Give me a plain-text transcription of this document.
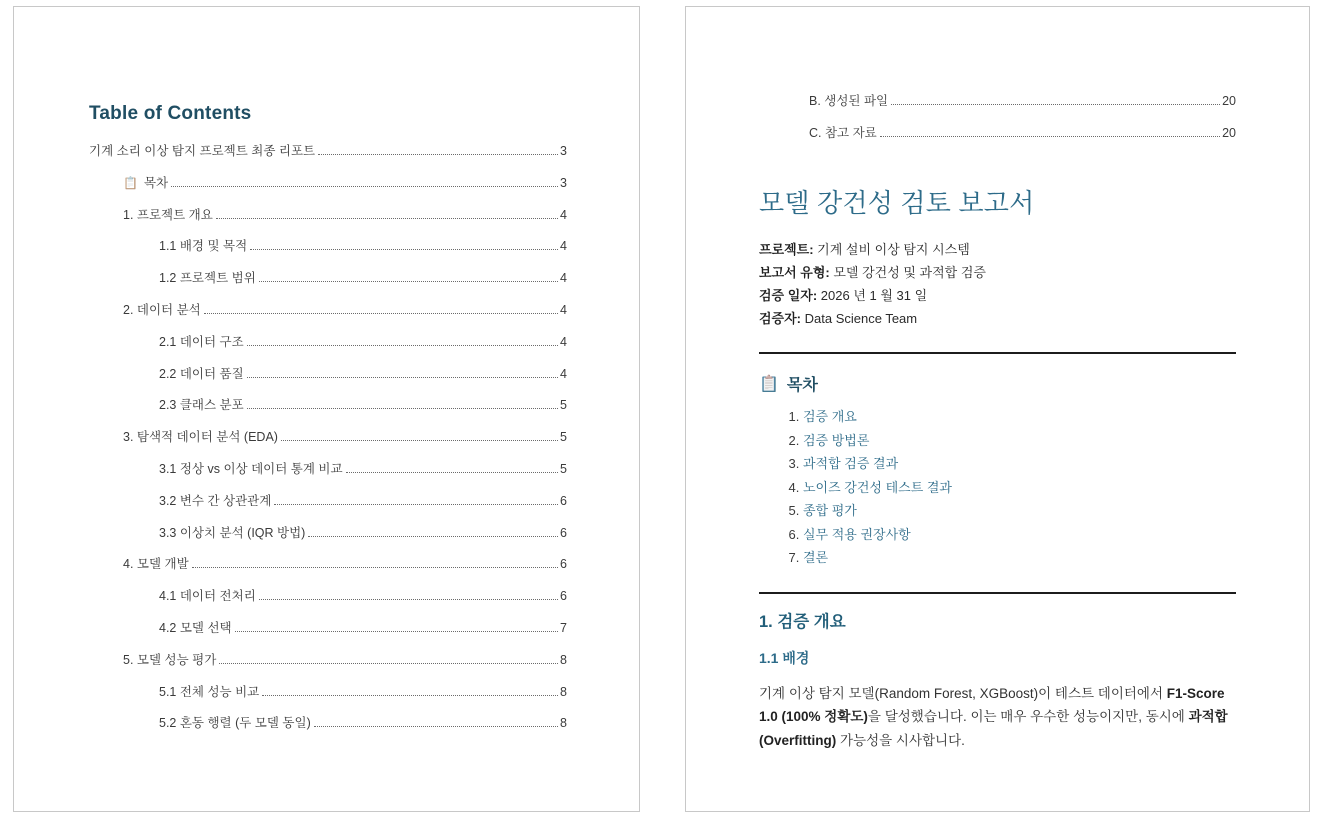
Table of Contents
기계 소리 이상 탐지 프로젝트 최종 리포트	3
📋 목차	3
1. 프로젝트 개요	4
1.1 배경 및 목적	4
1.2 프로젝트 범위	4
2. 데이터 분석	4
2.1 데이터 구조	4
2.2 데이터 품질	4
2.3 클래스 분포	5
3. 탐색적 데이터 분석 (EDA)	5
3.1 정상 vs 이상 데이터 통계 비교	5
3.2 변수 간 상관관계	6
3.3 이상치 분석 (IQR 방법)	6
4. 모델 개발	6
4.1 데이터 전처리	6
4.2 모델 선택	7
5. 모델 성능 평가	8
5.1 전체 성능 비교	8
5.2 혼동 행렬 (두 모델 동일)	8
B. 생성된 파일	20
C. 참고 자료	20
모델 강건성 검토 보고서
프로젝트: 기계 설비 이상 탐지 시스템
보고서 유형: 모델 강건성 및 과적합 검증
검증 일자: 2026 년 1 월 31 일
검증자: Data Science Team
📋 목차
1. 검증 개요
2. 검증 방법론
3. 과적합 검증 결과
4. 노이즈 강건성 테스트 결과
5. 종합 평가
6. 실무 적용 권장사항
7. 결론
1. 검증 개요
1.1 배경

기계 이상 탐지 모델(Random Forest, XGBoost)이 테스트 데이터에서 F1-Score 1.0 (100% 정확도)을 달성했습니다. 이는 매우 우수한 성능이지만, 동시에 과적합(Overfitting) 가능성을 시사합니다.
